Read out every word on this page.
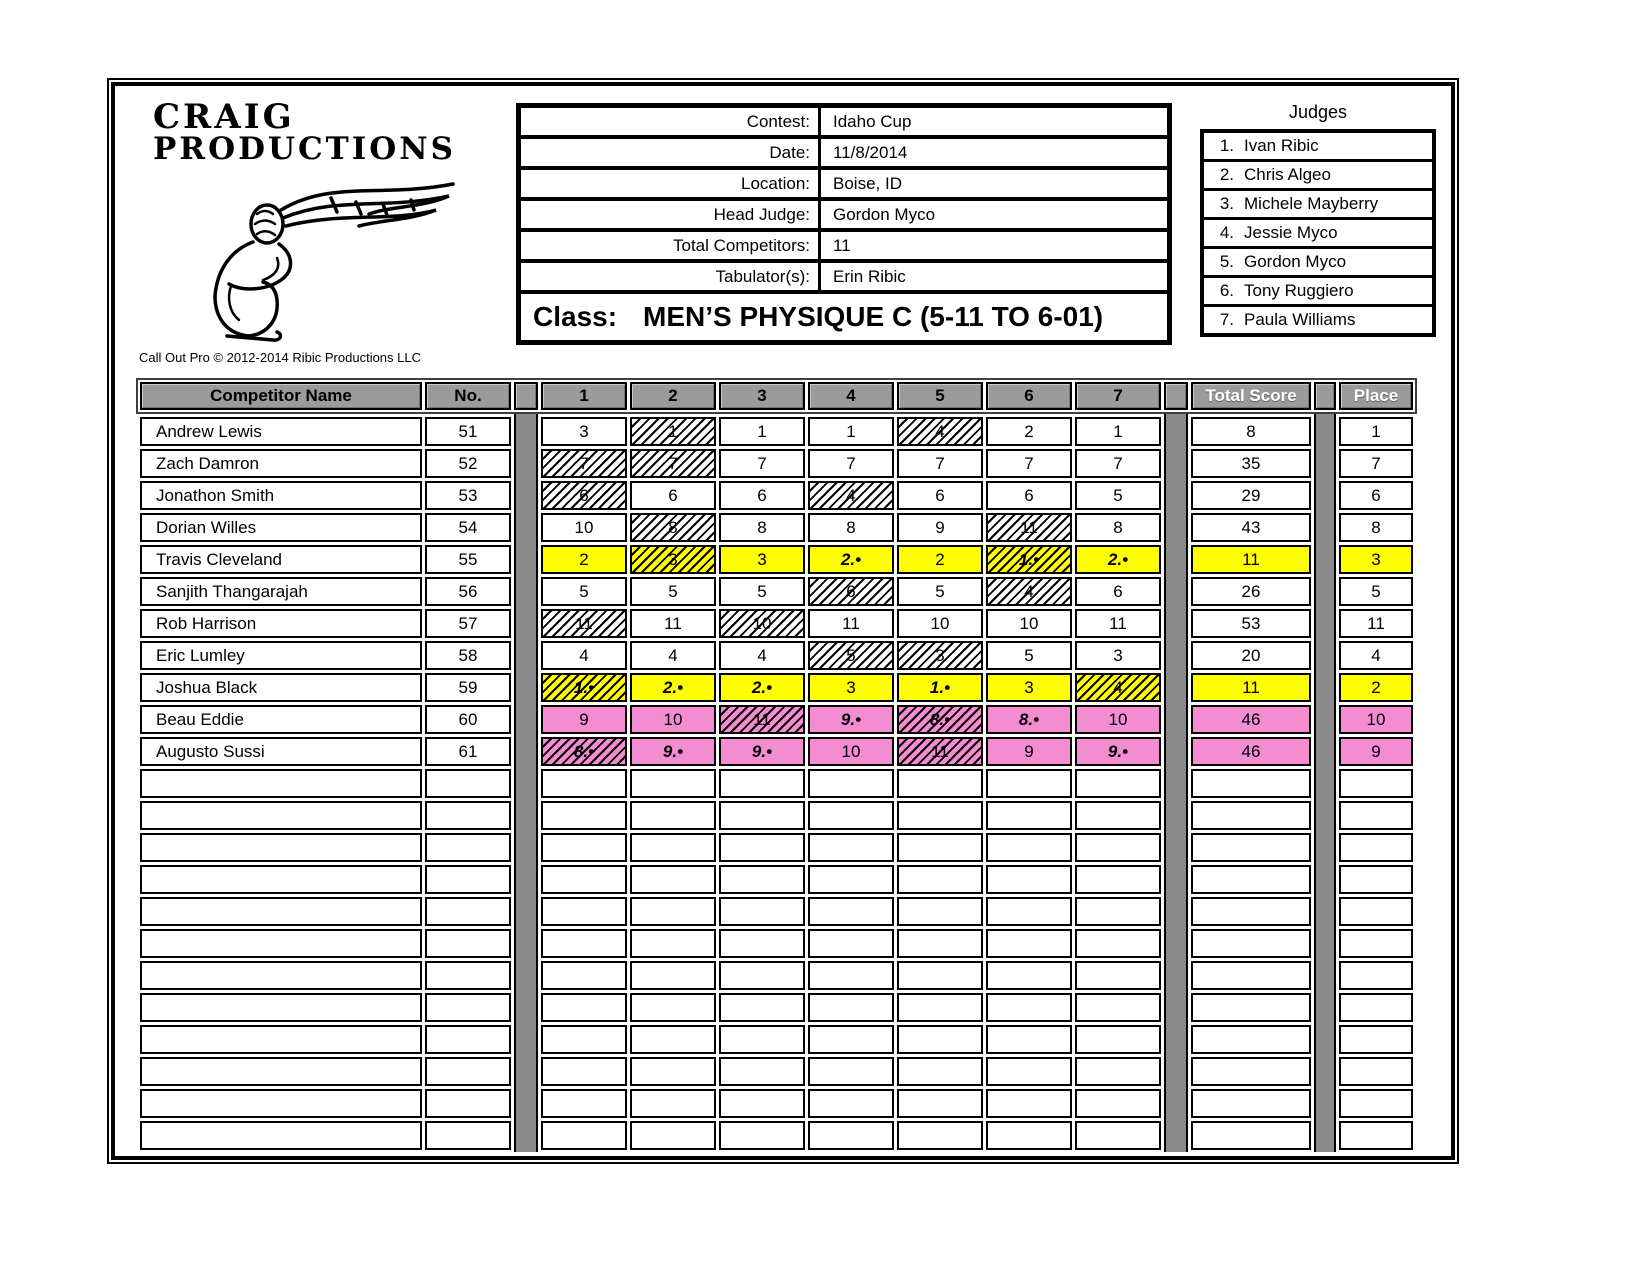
CRAIG
PRODUCTIONS
Call Out Pro © 2012-2014 Ribic Productions LLC
Contest:	Idaho Cup
Date:	11/8/2014
Location:	Boise, ID
Head Judge:	Gordon Myco
Total Competitors:	11
Tabulator(s):	Erin Ribic
Class: MEN’S PHYSIQUE C (5-11 TO 6-01)
Judges
1. Ivan Ribic
2. Chris Algeo
3. Michele Mayberry
4. Jessie Myco
5. Gordon Myco
6. Tony Ruggiero
7. Paula Williams
Competitor Name	No.	1	2	3	4	5	6	7	Total Score	Place
Andrew Lewis	51	3	1	1	1	4	2	1	8	1
Zach Damron	52	7	7	7	7	7	7	7	35	7
Jonathon Smith	53	6	6	6	4	6	6	5	29	6
Dorian Willes	54	10	8	8	8	9	11	8	43	8
Travis Cleveland	55	2	3	3	2.•	2	1.•	2.•	11	3
Sanjith Thangarajah	56	5	5	5	6	5	4	6	26	5
Rob Harrison	57	11	11	10	11	10	10	11	53	11
Eric Lumley	58	4	4	4	5	3	5	3	20	4
Joshua Black	59	1.•	2.•	2.•	3	1.•	3	4	11	2
Beau Eddie	60	9	10	11	9.•	8.•	8.•	10	46	10
Augusto Sussi	61	8.•	9.•	9.•	10	11	9	9.•	46	9
